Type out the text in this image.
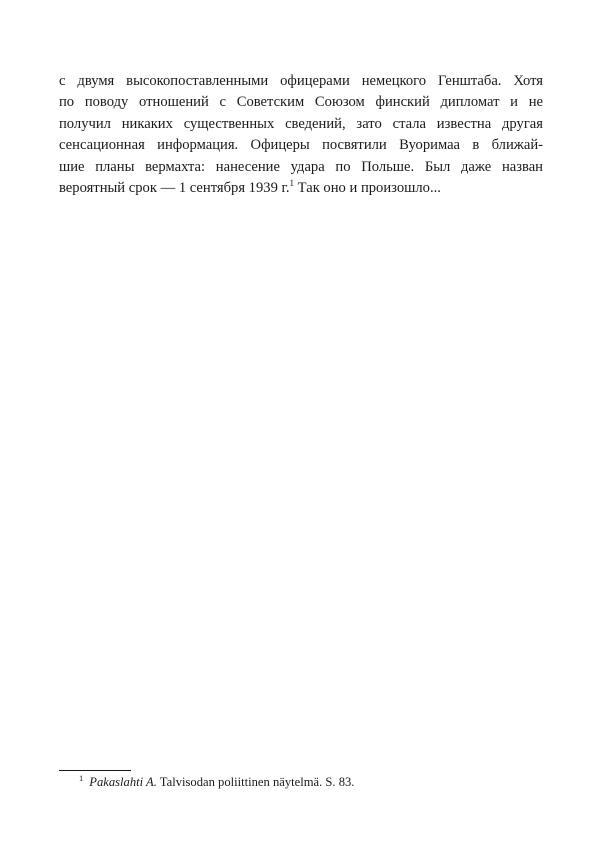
с двумя высокопоставленными офицерами немецкого Генштаба. Хотя
по поводу отношений с Советским Союзом финский дипломат и не
получил никаких существенных сведений, зато стала известна другая
сенсационная информация. Офицеры посвятили Вуоримаа в ближай-
шие планы вермахта: нанесение удара по Польше. Был даже назван
вероятный срок — 1 сентября 1939 г.$^1$ Так оно и произошло...
$^1$ Pakaslahti A. Talvisodan poliittinen näytelmä. S. 83.
